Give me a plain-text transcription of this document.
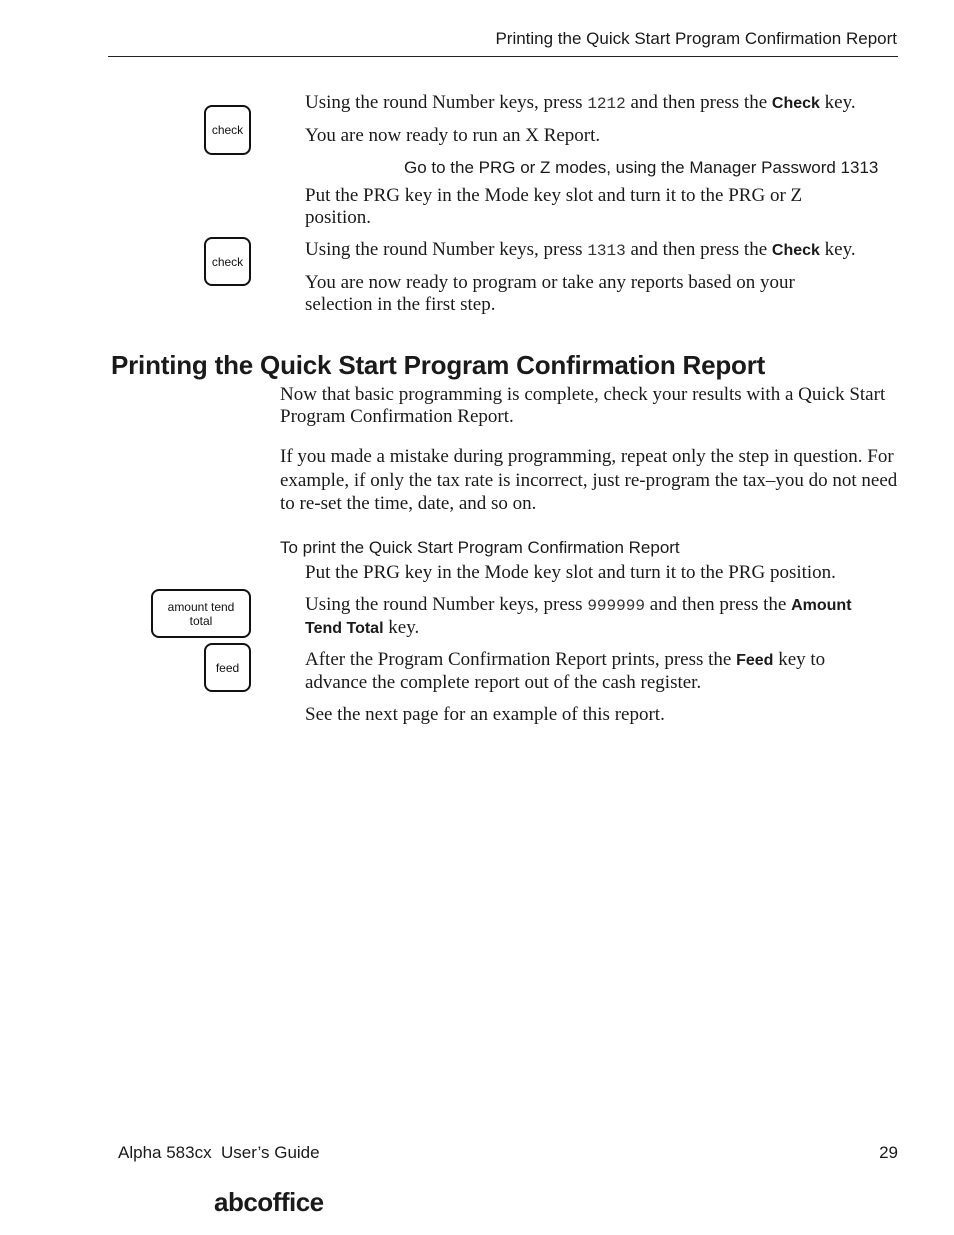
Printing the Quick Start Program Confirmation Report
check

Using the round Number keys, press 1212 and then press the Check key.

You are now ready to run an X Report.

Go to the PRG or Z modes, using the Manager Password 1313

Put the PRG key in the Mode key slot and turn it to the PRG or Z position.

check

Using the round Number keys, press 1313 and then press the Check key.

You are now ready to program or take any reports based on your selection in the first step.

Printing the Quick Start Program Confirmation Report

Now that basic programming is complete, check your results with a Quick Start Program Confirmation Report.

If you made a mistake during programming, repeat only the step in question. For example, if only the tax rate is incorrect, just re-program the tax–you do not need to re-set the time, date, and so on.

To print the Quick Start Program Confirmation Report

Put the PRG key in the Mode key slot and turn it to the PRG position.

amount tend total

Using the round Number keys, press 999999 and then press the Amount Tend Total key.

feed	After the Program Confirmation Report prints, press the Feed key to advance the complete report out of the cash register.

See the next page for an example of this report.

Alpha 583cx  User’s Guide	29
abcoffice
